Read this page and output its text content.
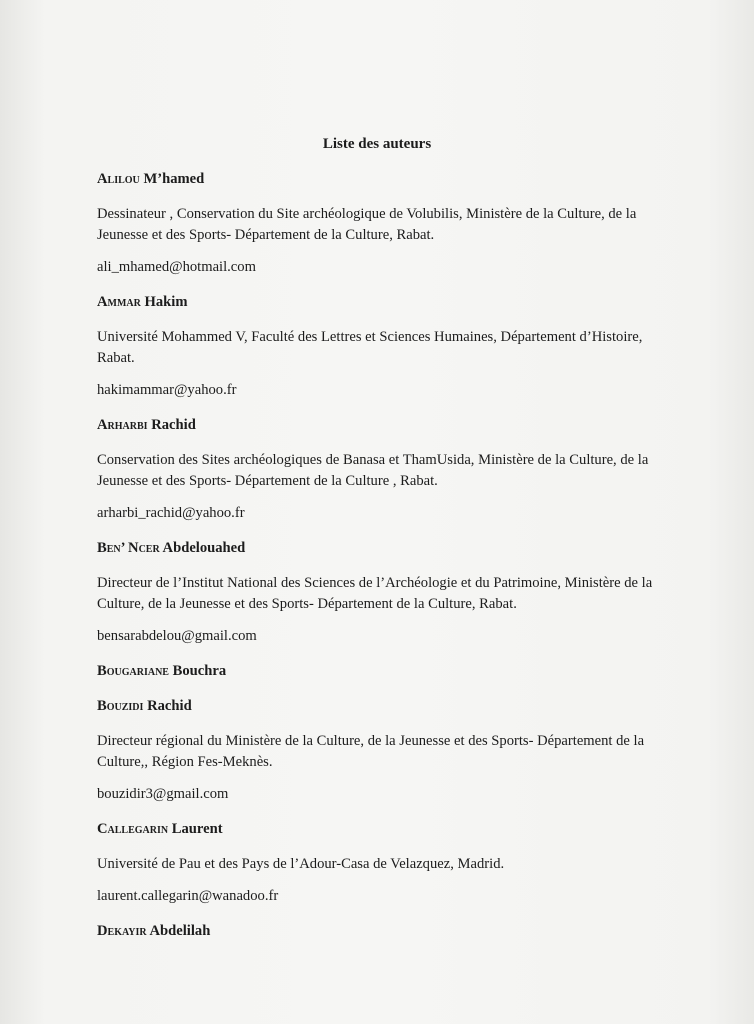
Liste des auteurs
Alilou M’hamed
Dessinateur , Conservation du Site archéologique de Volubilis, Ministère de la Culture, de la Jeunesse et des Sports- Département de la Culture, Rabat.
ali_mhamed@hotmail.com
Ammar Hakim
Université Mohammed V, Faculté des Lettres et Sciences Humaines, Département d’Histoire, Rabat.
hakimammar@yahoo.fr
Arharbi Rachid
Conservation des Sites archéologiques de Banasa et ThamUsida, Ministère de la Culture, de la Jeunesse et des Sports- Département de la Culture , Rabat.
arharbi_rachid@yahoo.fr
Ben’ Ncer Abdelouahed
Directeur de l’Institut National des Sciences de l’Archéologie et du Patrimoine, Ministère de la Culture, de la Jeunesse et des Sports- Département de la Culture, Rabat.
bensarabdelou@gmail.com
Bougariane Bouchra
Bouzidi Rachid
Directeur régional du Ministère de la Culture, de la Jeunesse et des Sports- Département de la Culture,, Région Fes-Meknès.
bouzidir3@gmail.com
Callegarin Laurent
Université de Pau et des Pays de l’Adour-Casa de Velazquez, Madrid.
laurent.callegarin@wanadoo.fr
Dekayir Abdelilah
